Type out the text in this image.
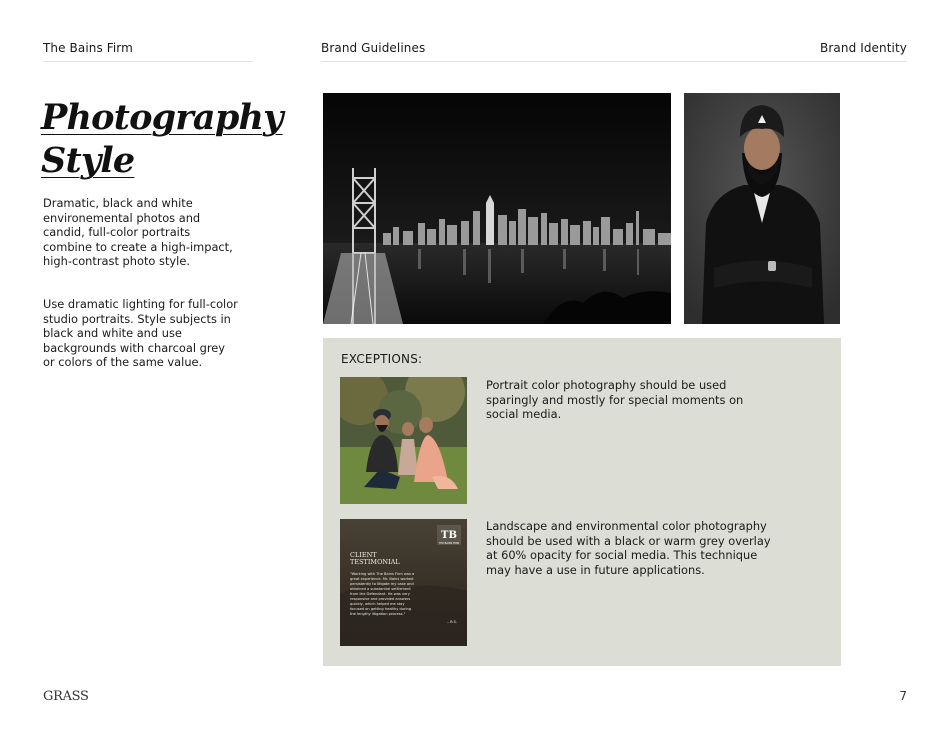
The Bains Firm	Brand Guidelines	Brand Identity
Photography
Style

Dramatic, black and white environemental photos and candid, full-color portraits combine to create a high-impact, high-contrast photo style.

Use dramatic lighting for full-color studio portraits. Style subjects in black and white and use backgrounds with charcoal grey or colors of the same value.	EXCEPTIONS:
Portrait color photography should be used sparingly and mostly for special moments on social media.
TB
THE BAINS FIRM
CLIENT
TESTIMONIAL
"Working with The Bains Firm was a
great experience. Mr. Bains worked
persistently to litigate my case and
obtained a substantial settlement
from the Defendant. He was very
responsive and provided answers
quickly, which helped me stay
focused on getting healthy during
the lengthy litigation process."
– R.S.
Landscape and environmental color photography should be used with a black or warm grey overlay at 60% opacity for social media. This technique may have a use in future applications.
GRASS	7
